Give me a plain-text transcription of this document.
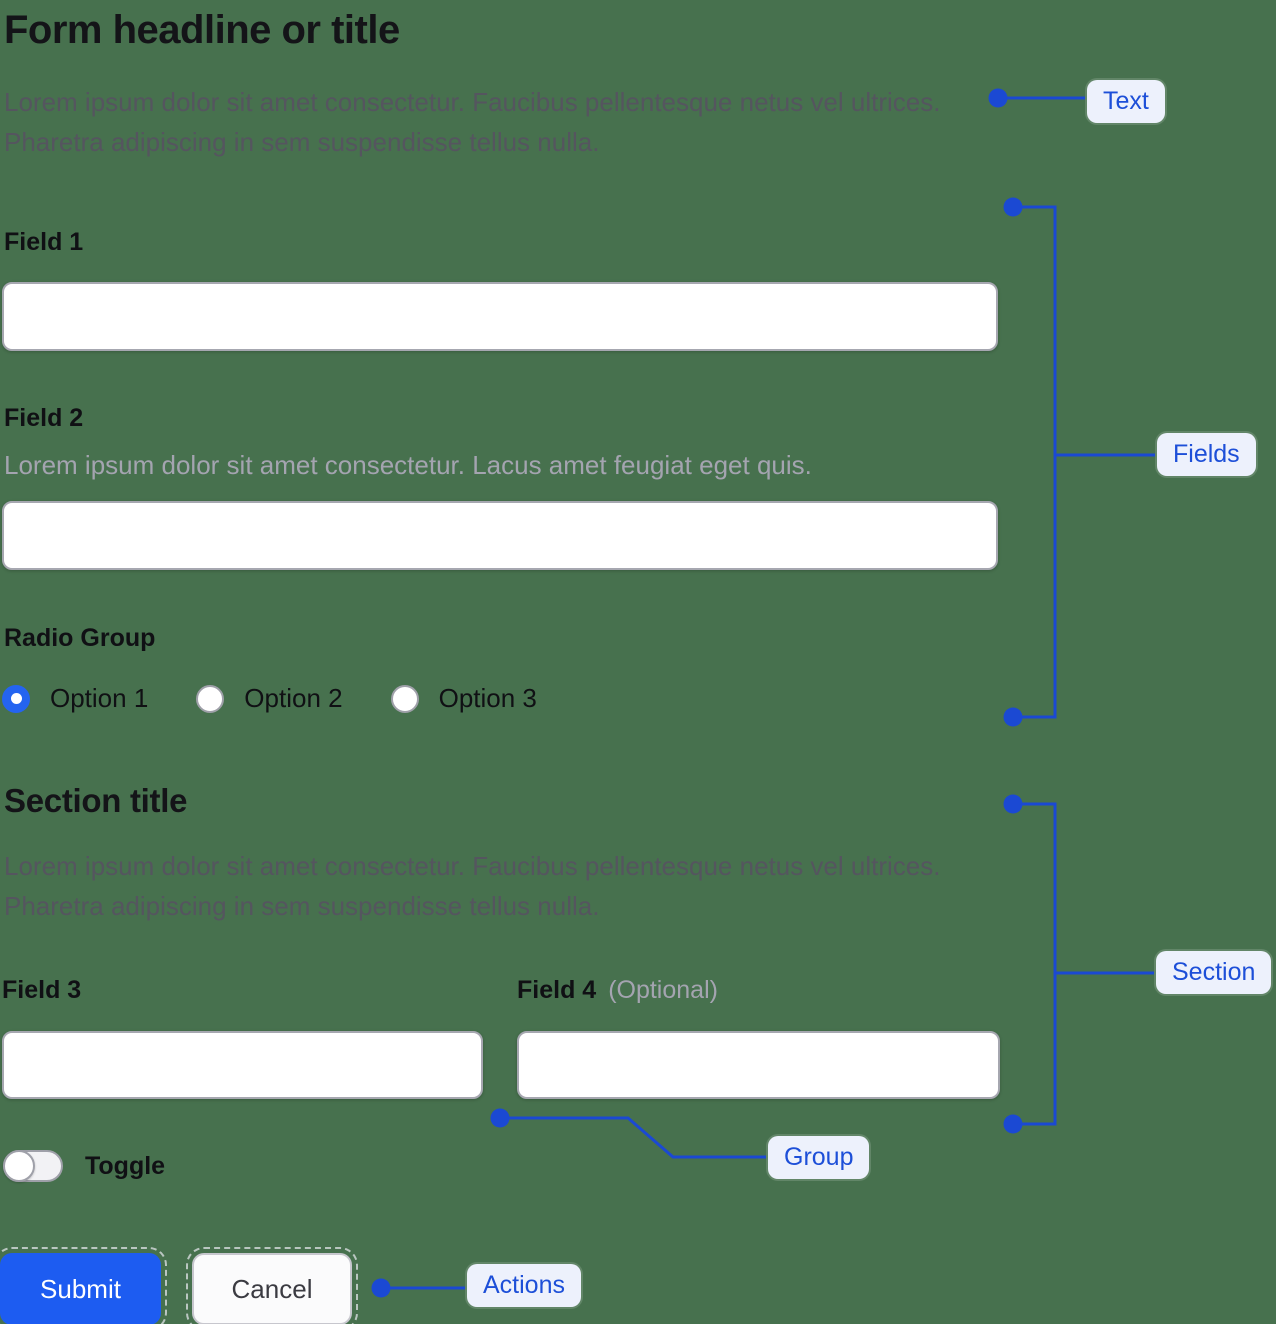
Form headline or title

Lorem ipsum dolor sit amet consectetur. Faucibus pellentesque netus vel ultrices. Pharetra adipiscing in sem suspendisse tellus nulla.

Field 1
Field 2
Lorem ipsum dolor sit amet consectetur. Lacus amet feugiat eget quis.
Radio Group
Option 1	Option 2	Option 3
Section title

Lorem ipsum dolor sit amet consectetur. Faucibus pellentesque netus vel ultrices. Pharetra adipiscing in sem suspendisse tellus nulla.

Field 3	Field 4 (Optional)
Toggle
Submit	Cancel
Text
Fields
Section
Group
Actions
